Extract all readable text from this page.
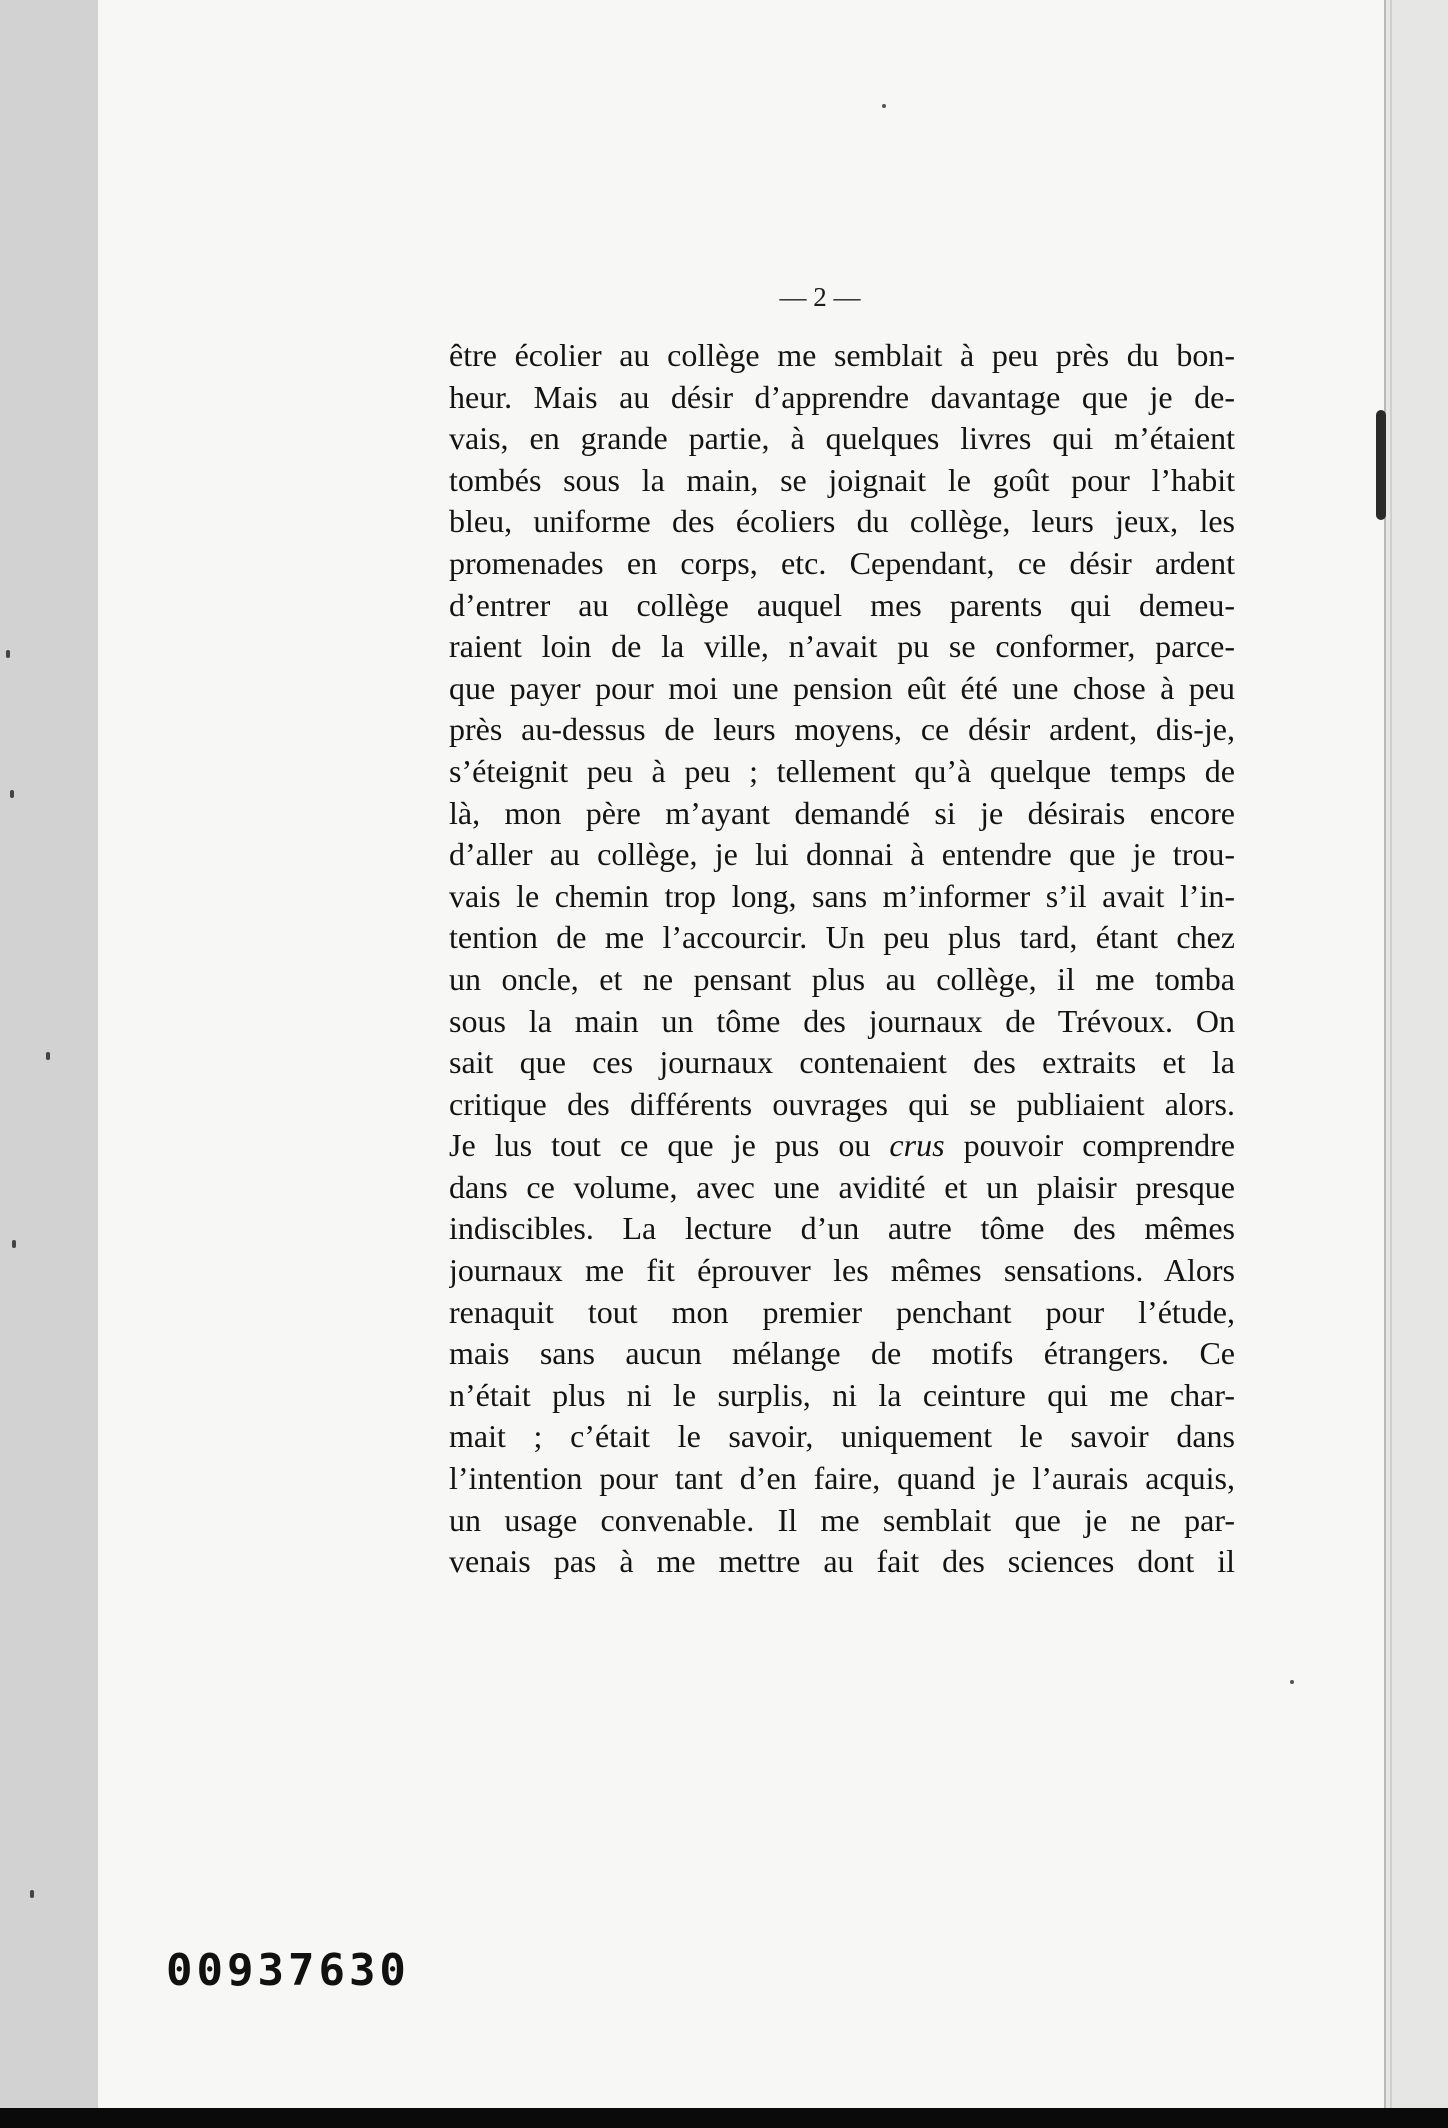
— 2 —
être écolier au collège me semblait à peu près du bon-
heur. Mais au désir d’apprendre davantage que je de-
vais, en grande partie, à quelques livres qui m’étaient
tombés sous la main, se joignait le goût pour l’habit
bleu, uniforme des écoliers du collège, leurs jeux, les
promenades en corps, etc. Cependant, ce désir ardent
d’entrer au collège auquel mes parents qui demeu-
raient loin de la ville, n’avait pu se conformer, parce-
que payer pour moi une pension eût été une chose à peu
près au-dessus de leurs moyens, ce désir ardent, dis-je,
s’éteignit peu à peu ; tellement qu’à quelque temps de
là, mon père m’ayant demandé si je désirais encore
d’aller au collège, je lui donnai à entendre que je trou-
vais le chemin trop long, sans m’informer s’il avait l’in-
tention de me l’accourcir. Un peu plus tard, étant chez
un oncle, et ne pensant plus au collège, il me tomba
sous la main un tôme des journaux de Trévoux. On
sait que ces journaux contenaient des extraits et la
critique des différents ouvrages qui se publiaient alors.
Je lus tout ce que je pus ou crus pouvoir comprendre
dans ce volume, avec une avidité et un plaisir presque
indiscibles. La lecture d’un autre tôme des mêmes
journaux me fit éprouver les mêmes sensations. Alors
renaquit tout mon premier penchant pour l’étude,
mais sans aucun mélange de motifs étrangers. Ce
n’était plus ni le surplis, ni la ceinture qui me char-
mait ; c’était le savoir, uniquement le savoir dans
l’intention pour tant d’en faire, quand je l’aurais acquis,
un usage convenable. Il me semblait que je ne par-
venais pas à me mettre au fait des sciences dont il
00937630
